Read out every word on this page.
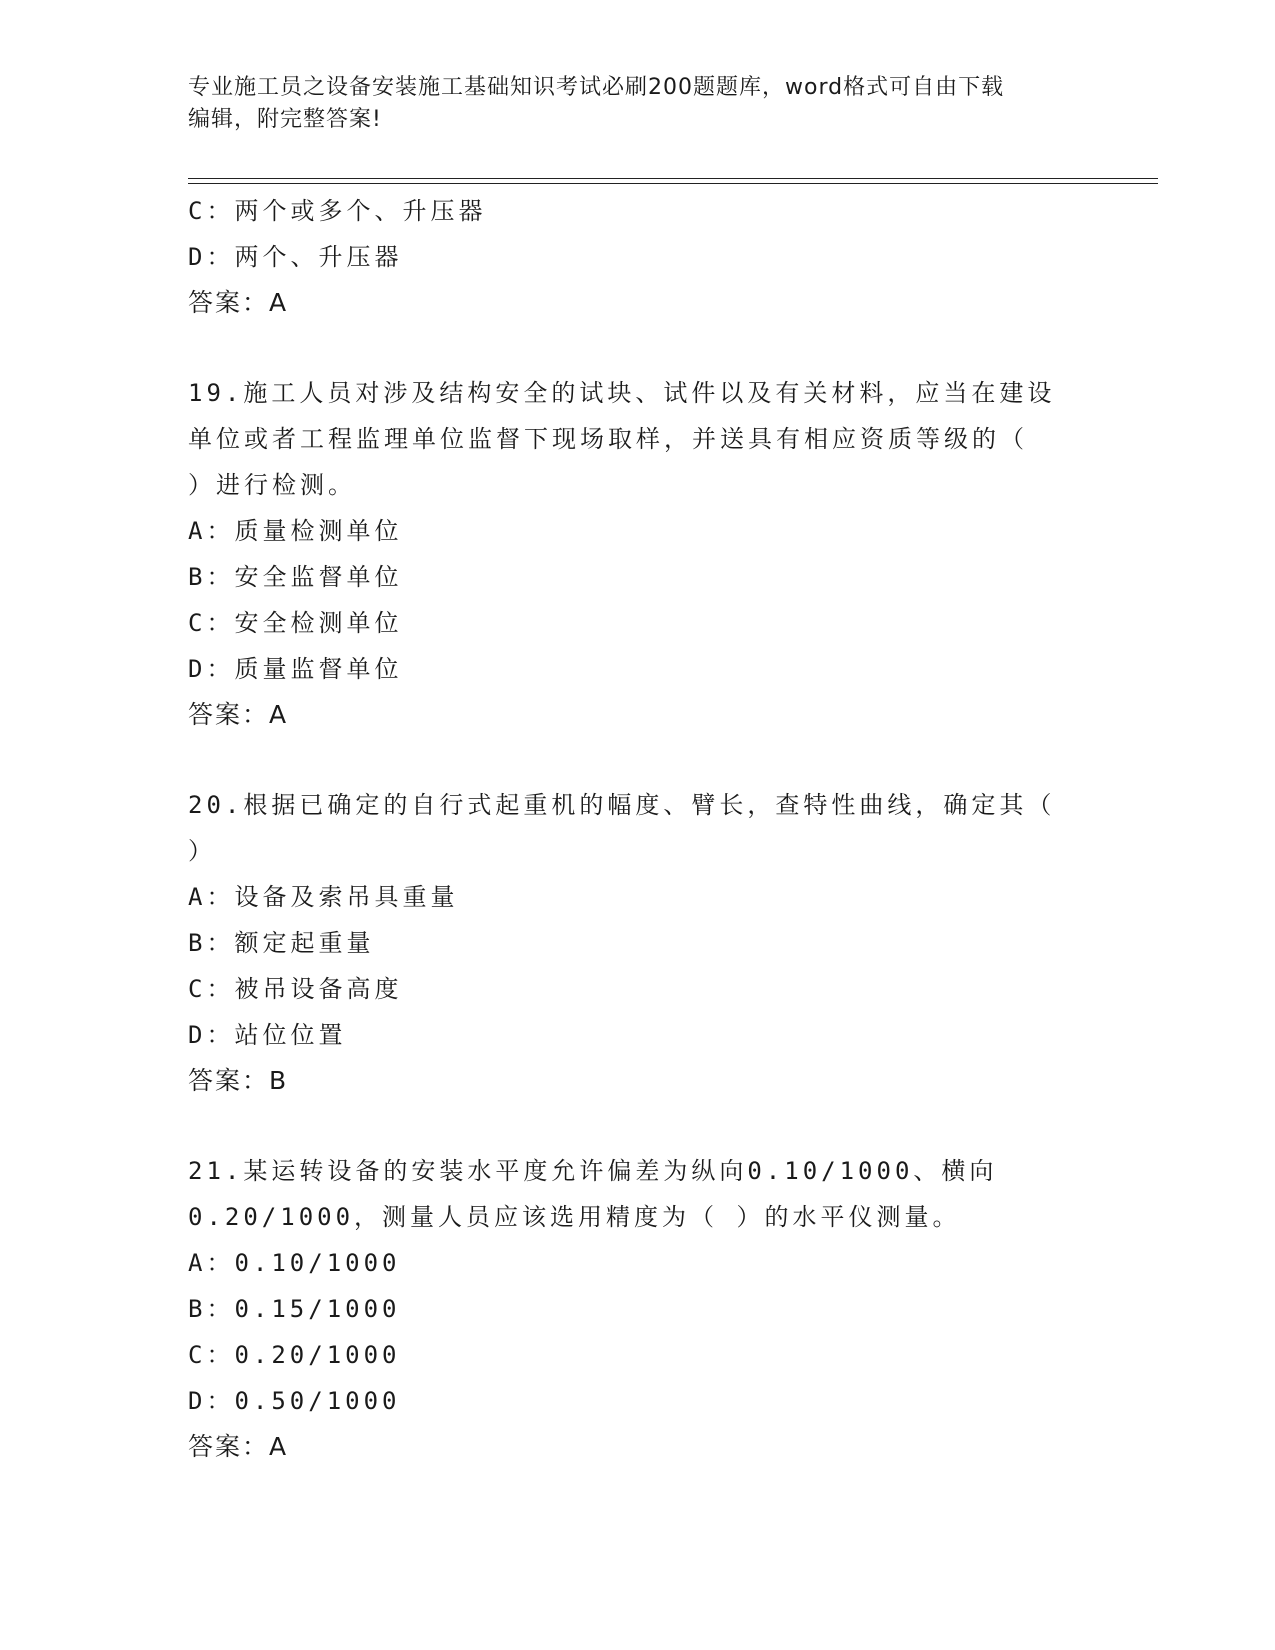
专业施工员之设备安装施工基础知识考试必刷200题题库，word格式可自由下载
编辑，附完整答案!
C：两个或多个、升压器
D：两个、升压器
答案：A
19.施工人员对涉及结构安全的试块、试件以及有关材料，应当在建设
单位或者工程监理单位监督下现场取样，并送具有相应资质等级的（
）进行检测。
A：质量检测单位
B：安全监督单位
C：安全检测单位
D：质量监督单位
答案：A
20.根据已确定的自行式起重机的幅度、臂长，查特性曲线，确定其（
）
A：设备及索吊具重量
B：额定起重量
C：被吊设备高度
D：站位位置
答案：B
21.某运转设备的安装水平度允许偏差为纵向0.10/1000、横向
0.20/1000，测量人员应该选用精度为（ ）的水平仪测量。
A：0.10/1000
B：0.15/1000
C：0.20/1000
D：0.50/1000
答案：A
